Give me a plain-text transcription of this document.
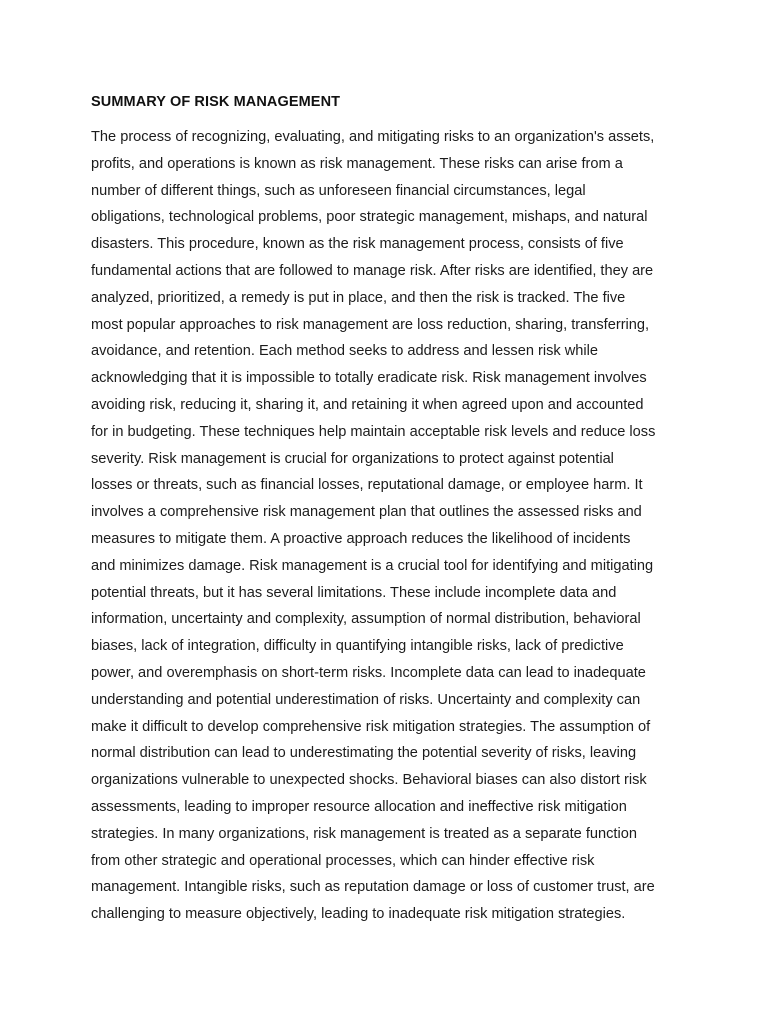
SUMMARY OF RISK MANAGEMENT
The process of recognizing, evaluating, and mitigating risks to an organization's assets,
profits, and operations is known as risk management. These risks can arise from a
number of different things, such as unforeseen financial circumstances, legal
obligations, technological problems, poor strategic management, mishaps, and natural
disasters. This procedure, known as the risk management process, consists of five
fundamental actions that are followed to manage risk. After risks are identified, they are
analyzed, prioritized, a remedy is put in place, and then the risk is tracked. The five
most popular approaches to risk management are loss reduction, sharing, transferring,
avoidance, and retention. Each method seeks to address and lessen risk while
acknowledging that it is impossible to totally eradicate risk. Risk management involves
avoiding risk, reducing it, sharing it, and retaining it when agreed upon and accounted
for in budgeting. These techniques help maintain acceptable risk levels and reduce loss
severity. Risk management is crucial for organizations to protect against potential
losses or threats, such as financial losses, reputational damage, or employee harm. It
involves a comprehensive risk management plan that outlines the assessed risks and
measures to mitigate them. A proactive approach reduces the likelihood of incidents
and minimizes damage. Risk management is a crucial tool for identifying and mitigating
potential threats, but it has several limitations. These include incomplete data and
information, uncertainty and complexity, assumption of normal distribution, behavioral
biases, lack of integration, difficulty in quantifying intangible risks, lack of predictive
power, and overemphasis on short-term risks. Incomplete data can lead to inadequate
understanding and potential underestimation of risks. Uncertainty and complexity can
make it difficult to develop comprehensive risk mitigation strategies. The assumption of
normal distribution can lead to underestimating the potential severity of risks, leaving
organizations vulnerable to unexpected shocks. Behavioral biases can also distort risk
assessments, leading to improper resource allocation and ineffective risk mitigation
strategies. In many organizations, risk management is treated as a separate function
from other strategic and operational processes, which can hinder effective risk
management. Intangible risks, such as reputation damage or loss of customer trust, are
challenging to measure objectively, leading to inadequate risk mitigation strategies.
